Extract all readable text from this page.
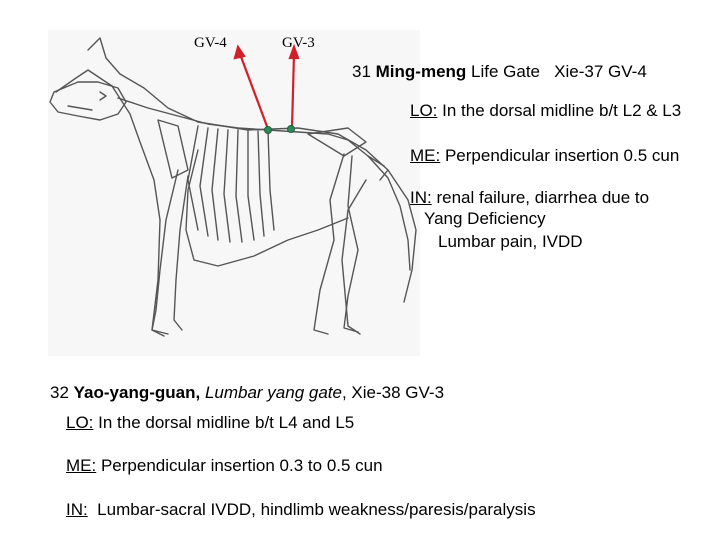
GV-4	GV-3
31 Ming-meng Life Gate   Xie-37 GV-4
LO: In the dorsal midline b/t L2 & L3
ME: Perpendicular insertion 0.5 cun
IN: renal failure, diarrhea due to
Yang Deficiency
Lumbar pain, IVDD
32 Yao-yang-guan, Lumbar yang gate, Xie-38 GV-3
LO: In the dorsal midline b/t L4 and L5
ME: Perpendicular insertion 0.3 to 0.5 cun
IN:  Lumbar-sacral IVDD, hindlimb weakness/paresis/paralysis
